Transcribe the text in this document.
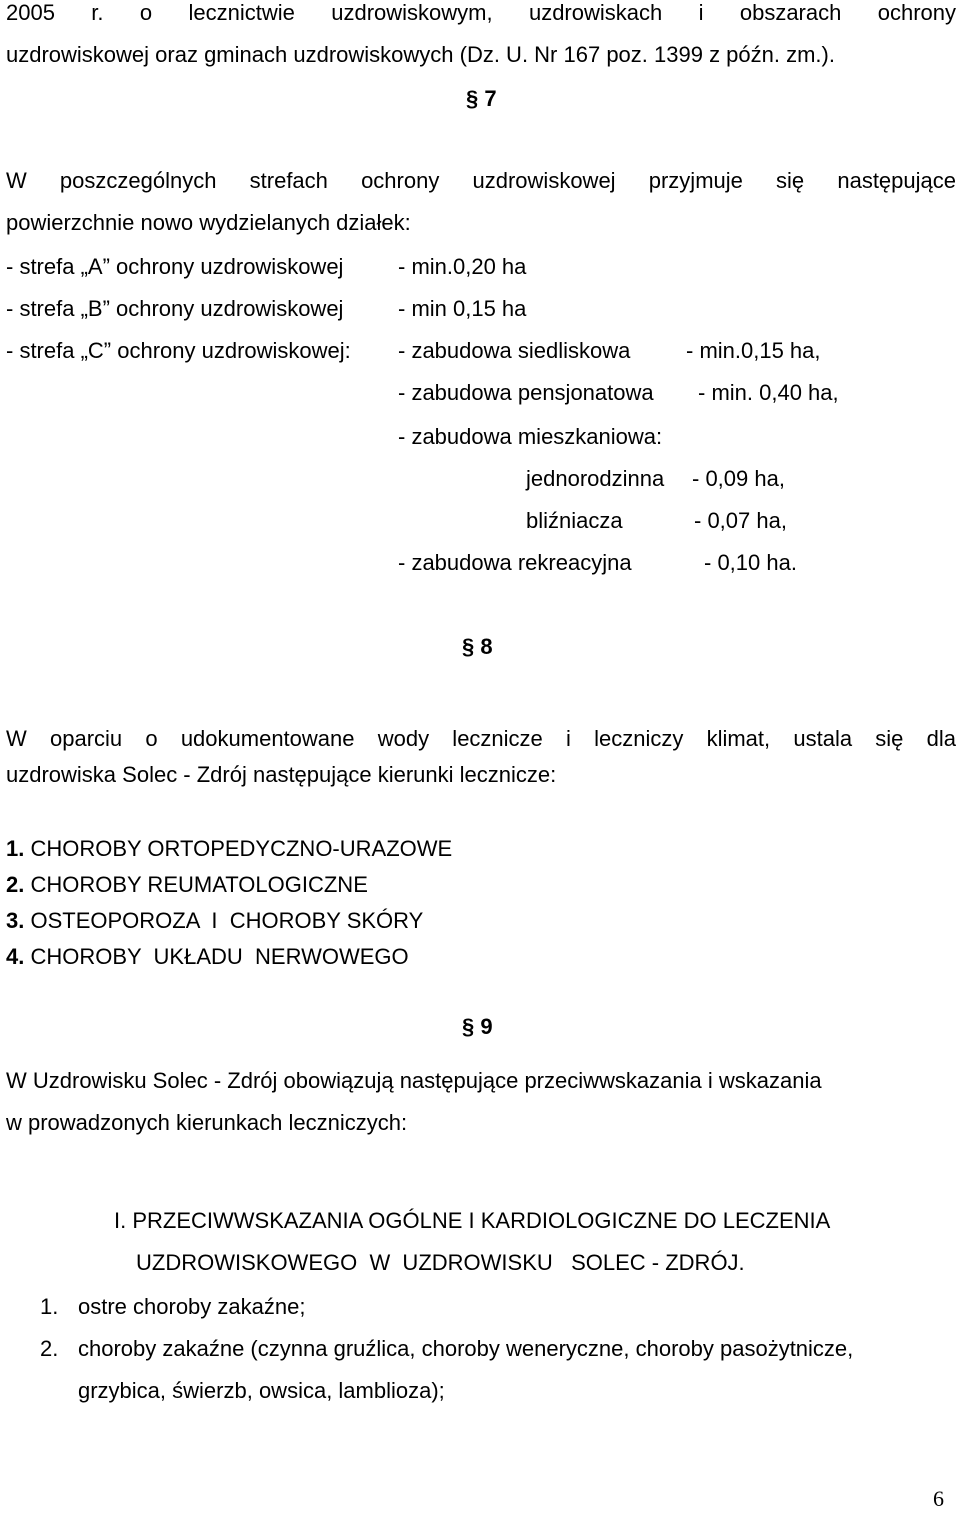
2005 r. o lecznictwie uzdrowiskowym, uzdrowiskach i obszarach ochrony
uzdrowiskowej oraz gminach uzdrowiskowych (Dz. U. Nr 167 poz. 1399 z późn. zm.).
§ 7
W poszczególnych strefach ochrony uzdrowiskowej przyjmuje się następujące
powierzchnie nowo wydzielanych działek:
- strefa „A” ochrony uzdrowiskowej - min.0,20 ha
- strefa „B” ochrony uzdrowiskowej - min 0,15 ha
- strefa „C” ochrony uzdrowiskowej: - zabudowa siedliskowa	- min.0,15 ha,
- zabudowa pensjonatowa - min. 0,40 ha,
- zabudowa mieszkaniowa:
jednorodzinna - 0,09 ha,
bliźniacza	- 0,07 ha,
- zabudowa rekreacyjna	- 0,10 ha.
§ 8
W oparciu o udokumentowane wody lecznicze i leczniczy klimat, ustala się dla
uzdrowiska Solec - Zdrój następujące kierunki lecznicze:
1. CHOROBY ORTOPEDYCZNO-URAZOWE
2. CHOROBY REUMATOLOGICZNE
3. OSTEOPOROZA  I  CHOROBY SKÓRY
4. CHOROBY  UKŁADU  NERWOWEGO
§ 9
W Uzdrowisku Solec - Zdrój obowiązują następujące przeciwwskazania i wskazania
w prowadzonych kierunkach leczniczych:
I. PRZECIWWSKAZANIA OGÓLNE I KARDIOLOGICZNE DO LECZENIA
UZDROWISKOWEGO  W  UZDROWISKU   SOLEC - ZDRÓJ.
1. ostre choroby zakaźne;
2. choroby zakaźne (czynna gruźlica, choroby weneryczne, choroby pasożytnicze,
grzybica, świerzb, owsica, lamblioza);
6
